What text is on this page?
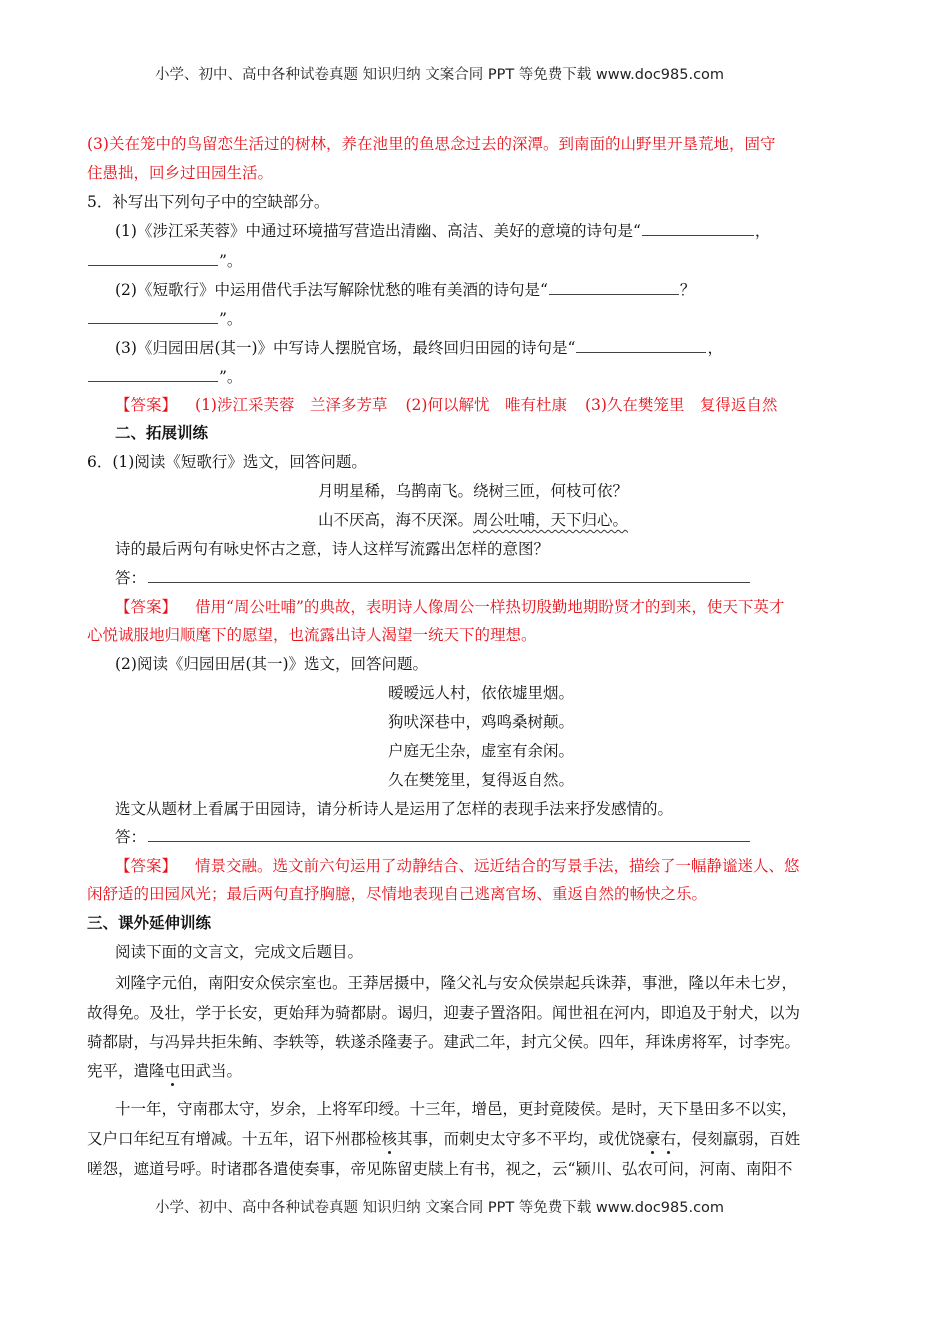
小学、初中、高中各种试卷真题 知识归纳 文案合同 PPT 等免费下载 www.doc985.com
(3)关在笼中的鸟留恋生活过的树林，养在池里的鱼思念过去的深潭。到南面的山野里开垦荒地，固守
住愚拙，回乡过田园生活。
5．补写出下列句子中的空缺部分。
(1)《涉江采芙蓉》中通过环境描写营造出清幽、高洁、美好的意境的诗句是“	，
”。
(2)《短歌行》中运用借代手法写解除忧愁的唯有美酒的诗句是“	？
”。
(3)《归园田居(其一)》中写诗人摆脱官场，最终回归田园的诗句是“	，
”。
【答案】 (1)涉江采芙蓉　兰泽多芳草 (2)何以解忧　唯有杜康 (3)久在樊笼里　复得返自然
二、拓展训练
6．(1)阅读《短歌行》选文，回答问题。
月明星稀，乌鹊南飞。绕树三匝，何枝可依？
山不厌高，海不厌深。周公吐哺，天下归心。
诗的最后两句有咏史怀古之意，诗人这样写流露出怎样的意图？
答：
【答案】 借用“周公吐哺”的典故，表明诗人像周公一样热切殷勤地期盼贤才的到来，使天下英才
心悦诚服地归顺麾下的愿望，也流露出诗人渴望一统天下的理想。
(2)阅读《归园田居(其一)》选文，回答问题。
暧暧远人村，依依墟里烟。
狗吠深巷中，鸡鸣桑树颠。
户庭无尘杂，虚室有余闲。
久在樊笼里，复得返自然。
选文从题材上看属于田园诗，请分析诗人是运用了怎样的表现手法来抒发感情的。
答：
【答案】 情景交融。选文前六句运用了动静结合、远近结合的写景手法，描绘了一幅静谧迷人、悠
闲舒适的田园风光；最后两句直抒胸臆，尽情地表现自己逃离官场、重返自然的畅快之乐。
三、课外延伸训练
阅读下面的文言文，完成文后题目。
刘隆字元伯，南阳安众侯宗室也。王莽居摄中，隆父礼与安众侯崇起兵诛莽，事泄，隆以年未七岁，
故得免。及壮，学于长安，更始拜为骑都尉。谒归，迎妻子置洛阳。闻世祖在河内，即追及于射犬，以为
骑都尉，与冯异共拒朱鲔、李轶等，轶遂杀隆妻子。建武二年，封亢父侯。四年，拜诛虏将军，讨李宪。
宪平，遣隆屯田武当。
十一年，守南郡太守，岁余，上将军印绶。十三年，增邑，更封竟陵侯。是时，天下垦田多不以实，
又户口年纪互有增减。十五年，诏下州郡检核其事，而刺史太守多不平均，或优饶豪右，侵刻羸弱，百姓
嗟怨，遮道号呼。时诸郡各遣使奏事，帝见陈留吏牍上有书，视之，云“颍川、弘农可问，河南、南阳不
小学、初中、高中各种试卷真题 知识归纳 文案合同 PPT 等免费下载 www.doc985.com
